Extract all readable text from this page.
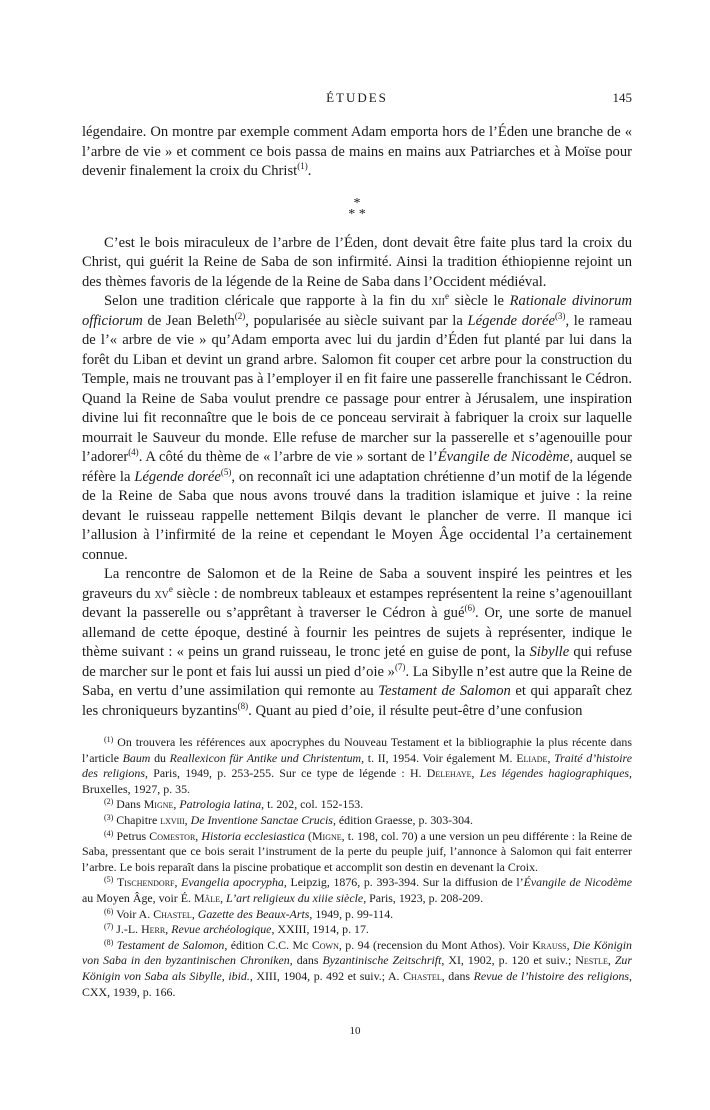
ÉTUDES	145

légendaire. On montre par exemple comment Adam emporta hors de l’Éden une branche de « l’arbre de vie » et comment ce bois passa de mains en mains aux Patriarches et à Moïse pour devenir finalement la croix du Christ$^{(1)}$.

*
* *

C’est le bois miraculeux de l’arbre de l’Éden, dont devait être faite plus tard la croix du Christ, qui guérit la Reine de Saba de son infirmité. Ainsi la tradition éthiopienne rejoint un des thèmes favoris de la légende de la Reine de Saba dans l’Occident médiéval.

Selon une tradition cléricale que rapporte à la fin du xii$^e$ siècle le Rationale divinorum officiorum de Jean Beleth$^{(2)}$, popularisée au siècle suivant par la Légende dorée$^{(3)}$, le rameau de l’« arbre de vie » qu’Adam emporta avec lui du jardin d’Éden fut planté par lui dans la forêt du Liban et devint un grand arbre. Salomon fit couper cet arbre pour la construction du Temple, mais ne trouvant pas à l’employer il en fit faire une passerelle franchissant le Cédron. Quand la Reine de Saba voulut prendre ce passage pour entrer à Jérusalem, une inspiration divine lui fit reconnaître que le bois de ce ponceau servirait à fabriquer la croix sur laquelle mourrait le Sauveur du monde. Elle refuse de marcher sur la passerelle et s’agenouille pour l’adorer$^{(4)}$. A côté du thème de « l’arbre de vie » sortant de l’Évangile de Nicodème, auquel se réfère la Légende dorée$^{(5)}$, on reconnaît ici une adaptation chrétienne d’un motif de la légende de la Reine de Saba que nous avons trouvé dans la tradition islamique et juive : la reine devant le ruisseau rappelle nettement Bilqis devant le plancher de verre. Il manque ici l’allusion à l’infirmité de la reine et cependant le Moyen Âge occidental l’a certainement connue.

La rencontre de Salomon et de la Reine de Saba a souvent inspiré les peintres et les graveurs du xv$^e$ siècle : de nombreux tableaux et estampes représentent la reine s’agenouillant devant la passerelle ou s’apprêtant à traverser le Cédron à gué$^{(6)}$. Or, une sorte de manuel allemand de cette époque, destiné à fournir les peintres de sujets à représenter, indique le thème suivant : « peins un grand ruisseau, le tronc jeté en guise de pont, la Sibylle qui refuse de marcher sur le pont et fais lui aussi un pied d’oie »$^{(7)}$. La Sibylle n’est autre que la Reine de Saba, en vertu d’une assimilation qui remonte au Testament de Salomon et qui apparaît chez les chroniqueurs byzantins$^{(8)}$. Quant au pied d’oie, il résulte peut-être d’une confusion

$^{(1)}$ On trouvera les références aux apocryphes du Nouveau Testament et la bibliographie la plus récente dans l’article Baum du Reallexicon für Antike und Christentum, t. II, 1954. Voir également M. Eliade, Traité d’histoire des religions, Paris, 1949, p. 253-255. Sur ce type de légende : H. Delehaye, Les légendes hagiographiques, Bruxelles, 1927, p. 35.

$^{(2)}$ Dans Migne, Patrologia latina, t. 202, col. 152-153.

$^{(3)}$ Chapitre lxviii, De Inventione Sanctae Crucis, édition Graesse, p. 303-304.

$^{(4)}$ Petrus Comestor, Historia ecclesiastica (Migne, t. 198, col. 70) a une version un peu différente : la Reine de Saba, pressentant que ce bois serait l’instrument de la perte du peuple juif, l’annonce à Salomon qui fait enterrer l’arbre. Le bois reparaît dans la piscine probatique et accomplit son destin en devenant la Croix.

$^{(5)}$ Tischendorf, Evangelia apocrypha, Leipzig, 1876, p. 393-394. Sur la diffusion de l’Évangile de Nicodème au Moyen Âge, voir É. Mâle, L’art religieux du xiiie siècle, Paris, 1923, p. 208-209.

$^{(6)}$ Voir A. Chastel, Gazette des Beaux-Arts, 1949, p. 99-114.

$^{(7)}$ J.-L. Herr, Revue archéologique, XXIII, 1914, p. 17.

$^{(8)}$ Testament de Salomon, édition C.C. Mc Cown, p. 94 (recension du Mont Athos). Voir Krauss, Die Königin von Saba in den byzantinischen Chroniken, dans Byzantinische Zeitschrift, XI, 1902, p. 120 et suiv.; Nestle, Zur Königin von Saba als Sibylle, ibid., XIII, 1904, p. 492 et suiv.; A. Chastel, dans Revue de l’histoire des religions, CXX, 1939, p. 166.

10
